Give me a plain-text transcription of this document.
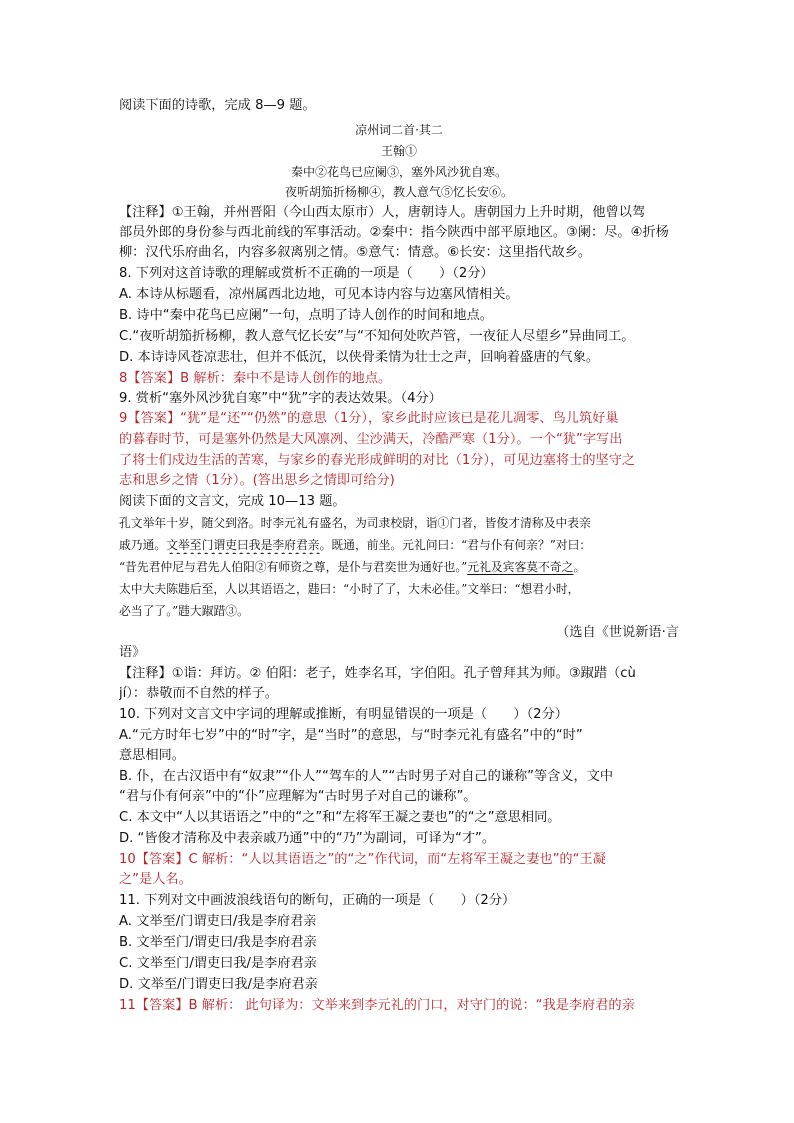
阅读下面的诗歌，完成 8—9 题。
凉州词二首·其二
王翰①
秦中②花鸟已应阑③，塞外风沙犹自寒。
夜听胡笳折杨柳④，教人意气⑤忆长安⑥。
【注释】①王翰，并州晋阳（今山西太原市）人，唐朝诗人。唐朝国力上升时期，他曾以驾
部员外郎的身份参与西北前线的军事活动。②秦中：指今陕西中部平原地区。③阑：尽。④折杨
柳：汉代乐府曲名，内容多叙离别之情。⑤意气：情意。⑥长安：这里指代故乡。
8. 下列对这首诗歌的理解或赏析不正确的一项是（　　）（2分）
A. 本诗从标题看，凉州属西北边地，可见本诗内容与边塞风情相关。
B. 诗中“秦中花鸟已应阑”一句，点明了诗人创作的时间和地点。
C.“夜听胡笳折杨柳，教人意气忆长安”与“不知何处吹芦管，一夜征人尽望乡”异曲同工。
D. 本诗诗风苍凉悲壮，但并不低沉，以侠骨柔情为壮士之声，回响着盛唐的气象。
8【答案】B 解析：秦中不是诗人创作的地点。
9. 赏析“塞外风沙犹自寒”中“犹”字的表达效果。（4分）
9【答案】“犹”是“还”“仍然”的意思（1分），家乡此时应该已是花儿凋零、鸟儿筑好巢
的暮春时节，可是塞外仍然是大风凛冽、尘沙满天，冷酷严寒（1分）。一个“犹”字写出
了将士们戍边生活的苦寒，与家乡的春光形成鲜明的对比（1分），可见边塞将士的坚守之
志和思乡之情（1分）。(答出思乡之情即可给分)
阅读下面的文言文，完成 10—13 题。
孔文举年十岁，随父到洛。时李元礼有盛名，为司隶校尉，诣①门者，皆俊才清称及中表亲
戚乃通。文举至门谓吏曰我是李府君亲。既通，前坐。元礼问曰：“君与仆有何亲？”对曰：
“昔先君仲尼与君先人伯阳②有师资之尊，是仆与君奕世为通好也。”元礼及宾客莫不奇之。
太中大夫陈韪后至，人以其语语之，韪曰：“小时了了，大未必佳。”文举曰：“想君小时，
必当了了。”韪大踧踖③。
（选自《世说新语·言
语》
【注释】①诣：拜访。② 伯阳：老子，姓李名耳，字伯阳。孔子曾拜其为师。③踧踖（cù
jí）：恭敬而不自然的样子。
10. 下列对文言文中字词的理解或推断，有明显错误的一项是（　　）（2分）
A.“元方时年七岁”中的“时”字，是“当时”的意思，与“时李元礼有盛名”中的“时”
意思相同。
B. 仆，在古汉语中有“奴隶”“仆人”“驾车的人”“古时男子对自己的谦称”等含义，文中
“君与仆有何亲”中的“仆”应理解为“古时男子对自己的谦称”。
C. 本文中“人以其语语之”中的“之”和“左将军王凝之妻也”的“之”意思相同。
D. “皆俊才清称及中表亲戚乃通”中的“乃”为副词，可译为“才”。
10【答案】C 解析：“人以其语语之”的“之”作代词，而“左将军王凝之妻也”的“王凝
之”是人名。
11. 下列对文中画波浪线语句的断句，正确的一项是（　　）（2分）
A. 文举至/门谓吏曰/我是李府君亲
B. 文举至门/谓吏曰/我是李府君亲
C. 文举至门/谓吏曰我/是李府君亲
D. 文举至/门谓吏曰我/是李府君亲
11【答案】B 解析： 此句译为：文举来到李元礼的门口，对守门的说：“我是李府君的亲
